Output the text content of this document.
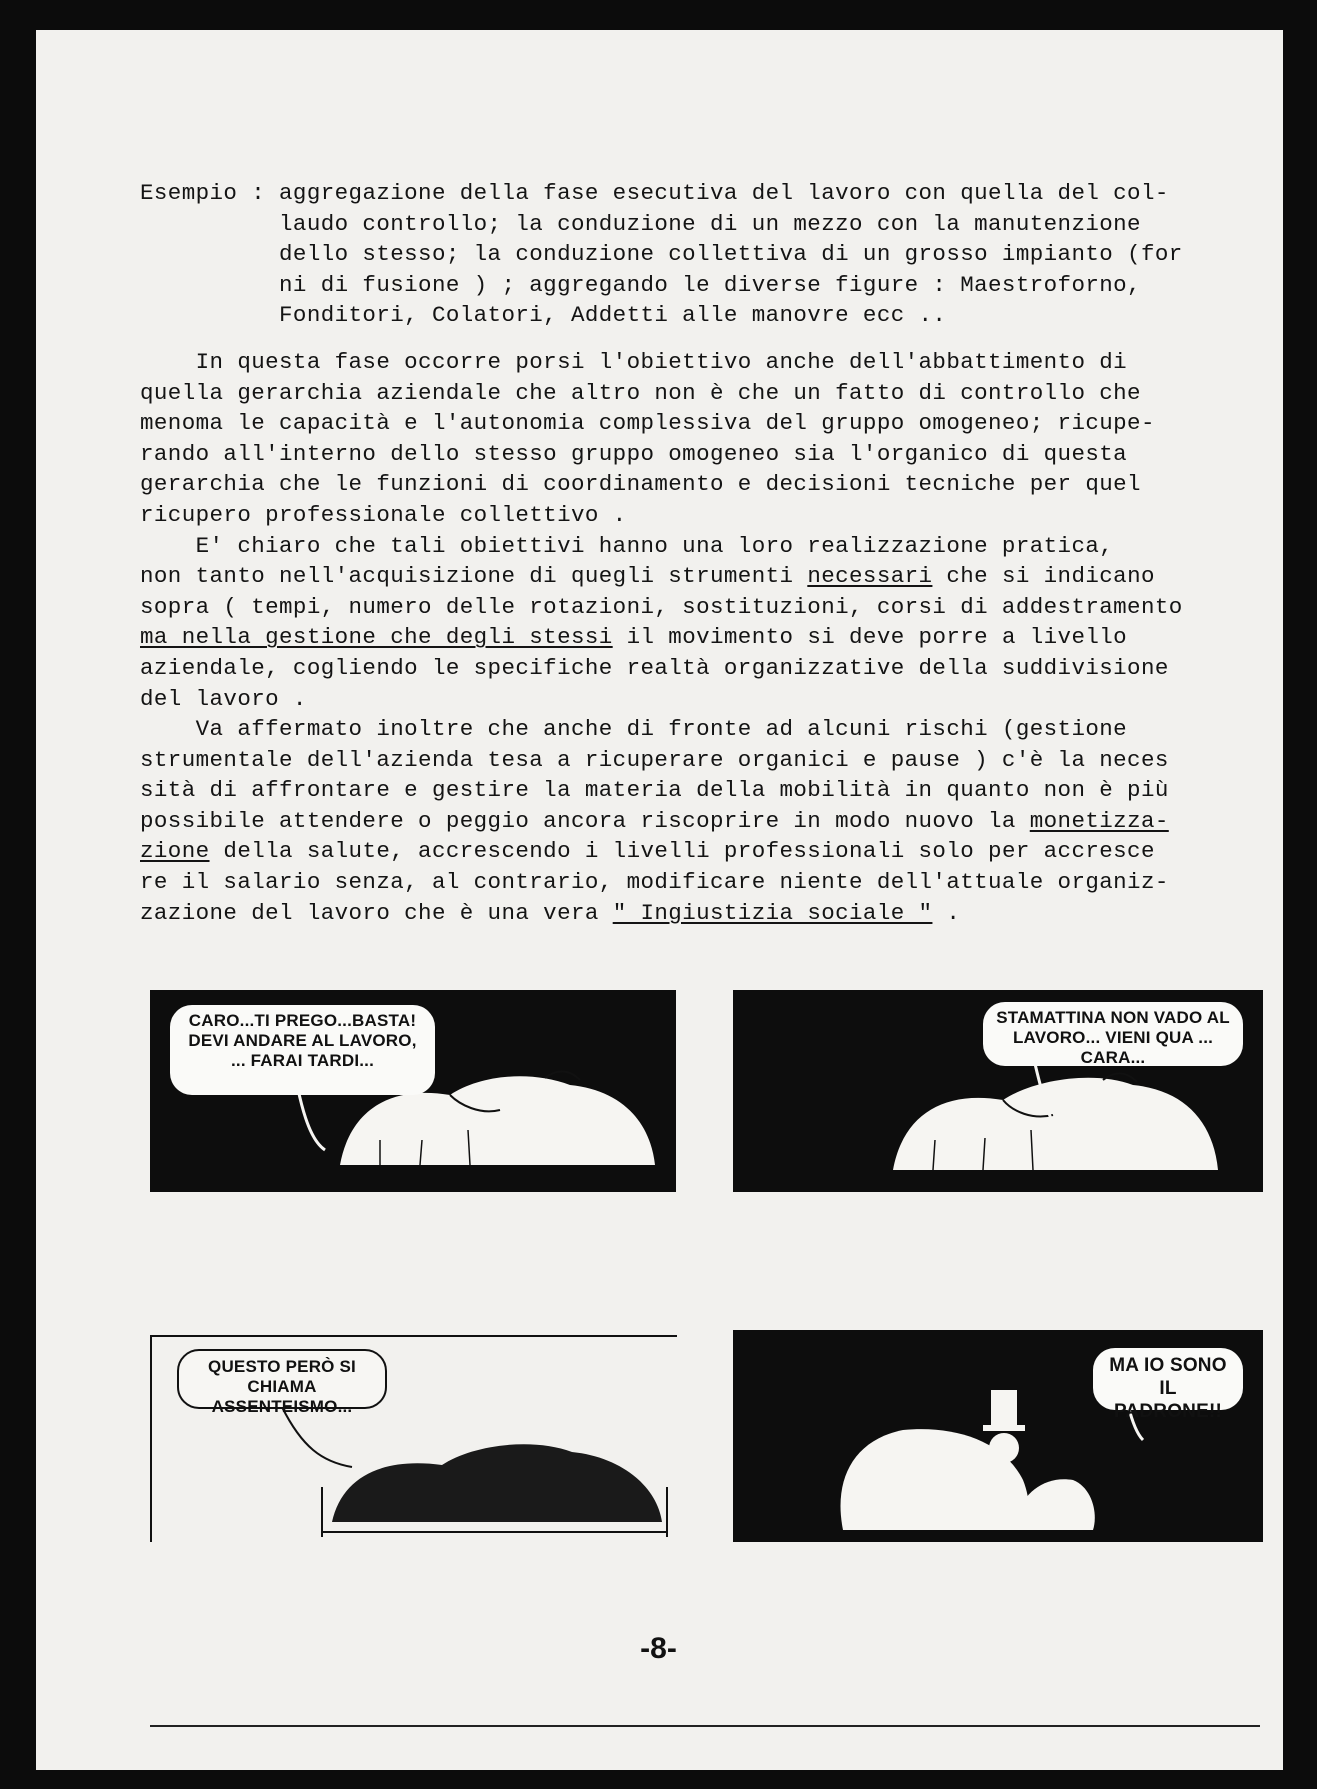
Esempio : aggregazione della fase esecutiva del lavoro con quella del col-
laudo controllo; la conduzione di un mezzo con la manutenzione
dello stesso; la conduzione collettiva di un grosso impianto (for
ni di fusione ) ; aggregando le diverse figure : Maestroforno,
Fonditori, Colatori, Addetti alle manovre ecc ..
In questa fase occorre porsi l'obiettivo anche dell'abbattimento di
quella gerarchia aziendale che altro non è che un fatto di controllo che
menoma le capacità e l'autonomia complessiva del gruppo omogeneo; ricupe-
rando all'interno dello stesso gruppo omogeneo sia l'organico di questa
gerarchia che le funzioni di coordinamento e decisioni tecniche per quel
ricupero professionale collettivo .
E' chiaro che tali obiettivi hanno una loro realizzazione pratica,
non tanto nell'acquisizione di quegli strumenti necessari che si indicano
sopra ( tempi, numero delle rotazioni, sostituzioni, corsi di addestramento
ma nella gestione che degli stessi il movimento si deve porre a livello
aziendale, cogliendo le specifiche realtà organizzative della suddivisione
del lavoro .
Va affermato inoltre che anche di fronte ad alcuni rischi (gestione
strumentale dell'azienda tesa a ricuperare organici e pause ) c'è la neces
sità di affrontare e gestire la materia della mobilità in quanto non è più
possibile attendere o peggio ancora riscoprire in modo nuovo la monetizza-
zione della salute, accrescendo i livelli professionali solo per accresce
re il salario senza, al contrario, modificare niente dell'attuale organiz-
zazione del lavoro che è una vera " Ingiustizia sociale " .
CARO...TI PREGO...BASTA!
DEVI ANDARE AL LAVORO,
... FARAI TARDI...
STAMATTINA NON VADO AL
LAVORO... VIENI QUA ... CARA...
QUESTO PERÒ SI CHIAMA
ASSENTEISMO...
MA IO SONO
IL PADRONE!!
-8-
